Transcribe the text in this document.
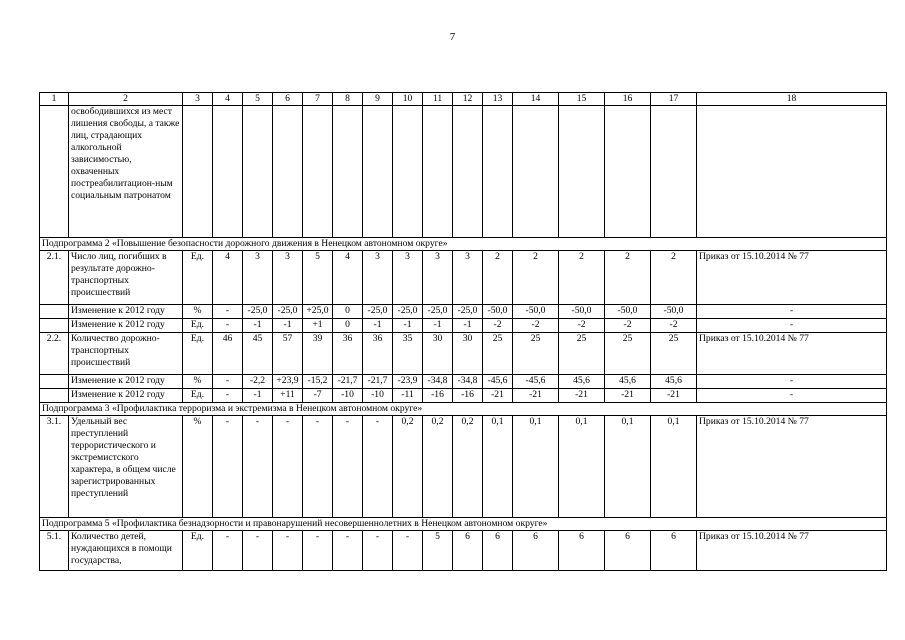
7
1	2	3	4	5	6	7	8	9	10	11	12	13	14	15	16	17	18
	освободившихся из мест лишения свободы, а также лиц, страдающих алкогольной зависимостью, охваченных постреабилитацион-ным социальным патронатом																
Подпрограмма 2 «Повышение безопасности дорожного движения в Ненецком автономном округе»																	
2.1.	Число лиц, погибших в результате дорожно-транспортных происшествий	Ед.	4	3	3	5	4	3	3	3	3	2	2	2	2	2	Приказ от 15.10.2014 № 77
	Изменение к 2012 году	%	-	-25,0	-25,0	+25,0	0	-25,0	-25,0	-25,0	-25,0	-50,0	-50,0	-50,0	-50,0	-50,0	-
	Изменение к 2012 году	Ед.	-	-1	-1	+1	0	-1	-1	-1	-1	-2	-2	-2	-2	-2	-
2.2.	Количество дорожно-транспортных происшествий	Ед.	46	45	57	39	36	36	35	30	30	25	25	25	25	25	Приказ от 15.10.2014 № 77
	Изменение к 2012 году	%	-	-2,2	+23,9	-15,2	-21,7	-21,7	-23,9	-34,8	-34,8	-45,6	-45,6	45,6	45,6	45,6	-
	Изменение к 2012 году	Ед.	-	-1	+11	-7	-10	-10	-11	-16	-16	-21	-21	-21	-21	-21	-
Подпрограмма 3 «Профилактика терроризма и экстремизма в Ненецком автономном округе»																	
3.1.	Удельный вес преступлений террористического и экстремистского характера, в общем числе зарегистрированных преступлений	%	-	-	-	-	-	-	0,2	0,2	0,2	0,1	0,1	0,1	0,1	0,1	Приказ от 15.10.2014 № 77
Подпрограмма 5 «Профилактика безнадзорности и правонарушений несовершеннолетних в Ненецком автономном округе»																	
5.1.	Количество детей, нуждающихся в помощи государства,	Ед.	-	-	-	-	-	-	-	5	6	6	6	6	6	6	Приказ от 15.10.2014 № 77
